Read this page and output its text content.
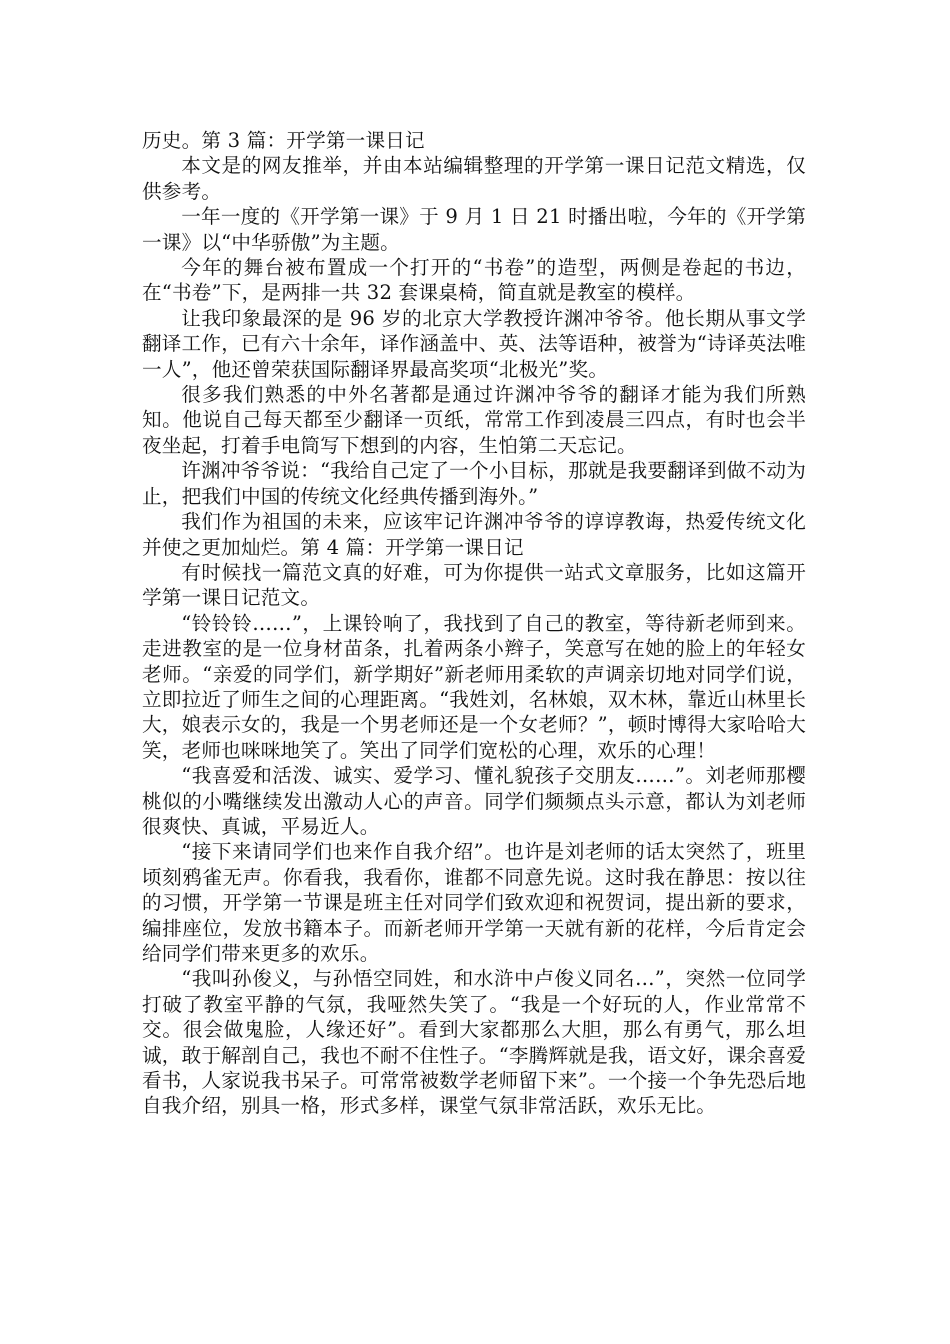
历史。第 3 篇：开学第一课日记

本文是的网友推举，并由本站编辑整理的开学第一课日记范文精选，仅供参考。

一年一度的《开学第一课》于 9 月 1 日 21 时播出啦，今年的《开学第一课》以“中华骄傲”为主题。

今年的舞台被布置成一个打开的“书卷”的造型，两侧是卷起的书边，在“书卷”下，是两排一共 32 套课桌椅，简直就是教室的模样。

让我印象最深的是 96 岁的北京大学教授许渊冲爷爷。他长期从事文学翻译工作，已有六十余年，译作涵盖中、英、法等语种，被誉为“诗译英法唯一人”，他还曾荣获国际翻译界最高奖项“北极光”奖。

很多我们熟悉的中外名著都是通过许渊冲爷爷的翻译才能为我们所熟知。他说自己每天都至少翻译一页纸，常常工作到凌晨三四点，有时也会半夜坐起，打着手电筒写下想到的内容，生怕第二天忘记。

许渊冲爷爷说：“我给自己定了一个小目标，那就是我要翻译到做不动为止，把我们中国的传统文化经典传播到海外。”

我们作为祖国的未来，应该牢记许渊冲爷爷的谆谆教诲，热爱传统文化并使之更加灿烂。第 4 篇：开学第一课日记

有时候找一篇范文真的好难，可为你提供一站式文章服务，比如这篇开学第一课日记范文。

“铃铃铃……”，上课铃响了，我找到了自己的教室，等待新老师到来。走进教室的是一位身材苗条，扎着两条小辫子，笑意写在她的脸上的年轻女老师。“亲爱的同学们，新学期好”新老师用柔软的声调亲切地对同学们说，立即拉近了师生之间的心理距离。“我姓刘，名林娘，双木林，靠近山林里长大，娘表示女的，我是一个男老师还是一个女老师？”，顿时博得大家哈哈大笑，老师也咪咪地笑了。笑出了同学们宽松的心理，欢乐的心理！

“我喜爱和活泼、诚实、爱学习、懂礼貌孩子交朋友……”。刘老师那樱桃似的小嘴继续发出激动人心的声音。同学们频频点头示意，都认为刘老师很爽快、真诚，平易近人。

“接下来请同学们也来作自我介绍”。也许是刘老师的话太突然了，班里顷刻鸦雀无声。你看我，我看你，谁都不同意先说。这时我在静思：按以往的习惯，开学第一节课是班主任对同学们致欢迎和祝贺词，提出新的要求，编排座位，发放书籍本子。而新老师开学第一天就有新的花样，今后肯定会给同学们带来更多的欢乐。

“我叫孙俊义，与孙悟空同姓，和水浒中卢俊义同名…”，突然一位同学打破了教室平静的气氛，我哑然失笑了。“我是一个好玩的人，作业常常不交。很会做鬼脸，人缘还好”。看到大家都那么大胆，那么有勇气，那么坦诚，敢于解剖自己，我也不耐不住性子。“李腾辉就是我，语文好，课余喜爱看书，人家说我书呆子。可常常被数学老师留下来”。一个接一个争先恐后地自我介绍，别具一格，形式多样，课堂气氛非常活跃，欢乐无比。
